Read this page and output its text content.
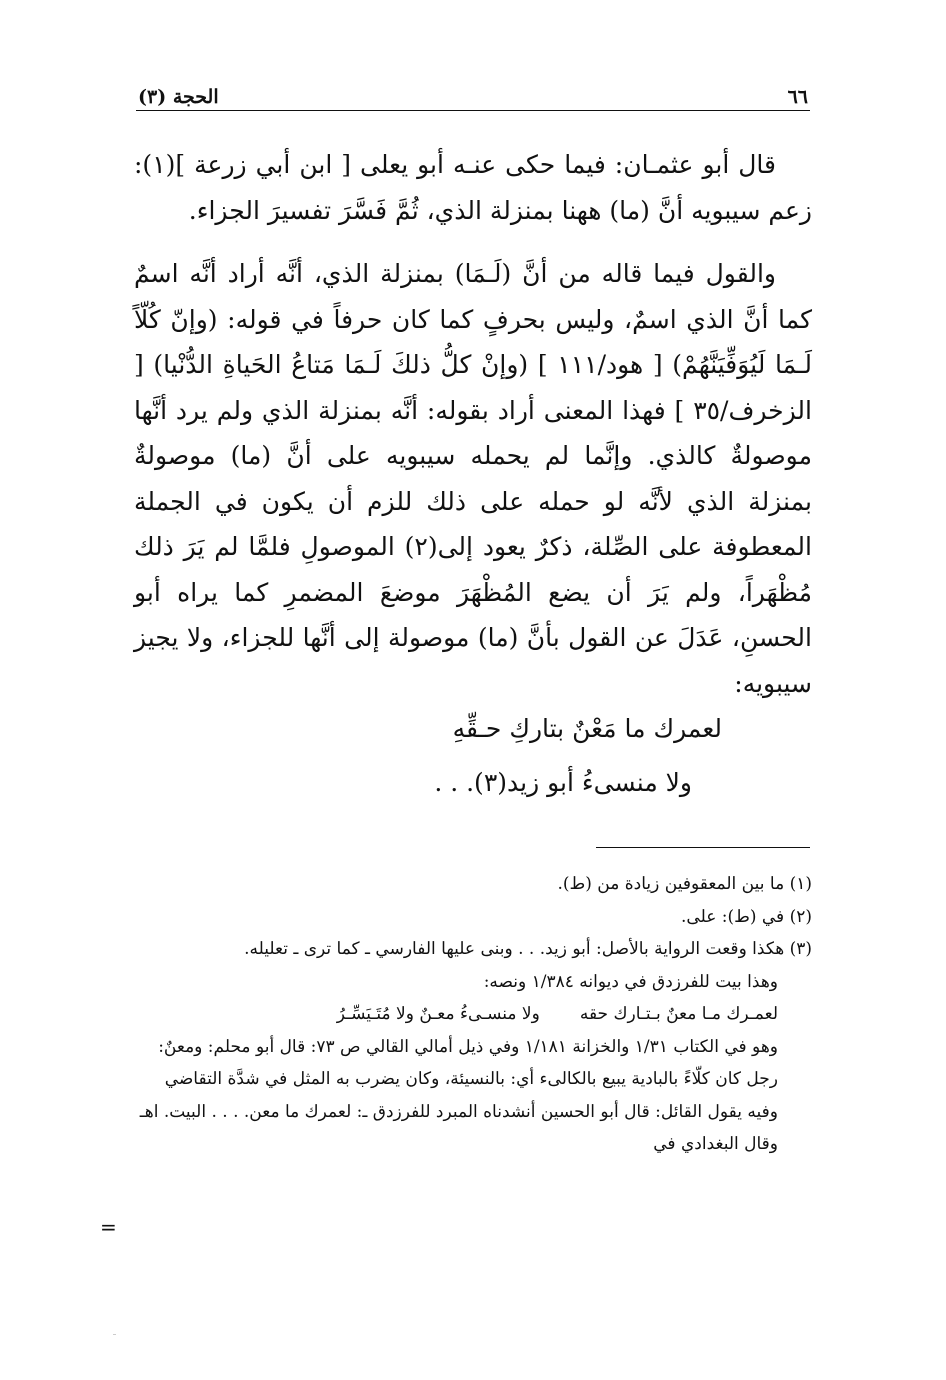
٦٦
الحجة (٣)

قال أبو عثمـان: فيما حكى عنـه أبو يعلى [ ابن أبي زرعة ](١): زعم سيبويه أنَّ (ما) ههنا بمنزلة الذي، ثُمَّ فَسَّرَ تفسيرَ الجزاء.

والقول فيما قاله من أنَّ (لَـمَا) بمنزلة الذي، أنَّه أراد أنَّه اسمٌ كما أنَّ الذي اسمٌ، وليس بحرفٍ كما كان حرفاً في قوله: (وإنّ كُلّاً لَـمَا لَيُوَفِّيَنَّهُمْ) [ هود/١١١ ] (وإنْ كلُّ ذلكَ لَـمَا مَتاعُ الحَياةِ الدُّنْيا) [ الزخرف/٣٥ ] فهذا المعنى أراد بقوله: أنَّه بمنزلة الذي ولم يرد أنَّها موصولةٌ كالذي. وإنَّما لم يحمله سيبويه على أنَّ (ما) موصولةٌ بمنزلة الذي لأنَّه لو حمله على ذلك للزم أن يكون في الجملة المعطوفة على الصِّلة، ذكرٌ يعود إلى(٢) الموصولِ فلمَّا لم يَرَ ذلك مُظْهَراً، ولم يَرَ أن يضع المُظْهَرَ موضعَ المضمرِ كما يراه أبو الحسنِ، عَدَلَ عن القول بأنَّ (ما) موصولة إلى أنَّها للجزاء، ولا يجيز سيبويه:

لعمرك ما مَعْنٌ بتاركِ حـقِّهِ

ولا منسىءُ أبو زيد(٣). . .

(١) ما بين المعقوفين زيادة من (ط).

(٢) في (ط): على.

(٣) هكذا وقعت الرواية بالأصل: أبو زيد. . . وبنى عليها الفارسي ـ كما ترى ـ تعليله.

وهذا بيت للفرزدق في ديوانه ١/٣٨٤ ونصه:

لعمـرك مـا معنٌ بـتـارك حقه
ولا منسـىءُ معـنٌ ولا مُتَـيَسِّـرُ

وهو في الكتاب ١/٣١ والخزانة ١/١٨١ وفي ذيل أمالي القالي ص ٧٣: قال أبو محلم: ومعنٌ: رجل كان كلّاءً بالبادية يبيع بالكالىء أي: بالنسيئة، وكان يضرب به المثل في شدَّة التقاضي وفيه يقول القائل: قال أبو الحسين أنشدناه المبرد للفرزدق ـ: لعمرك ما معن. . . . البيت. اهـ وقال البغدادي في

=
